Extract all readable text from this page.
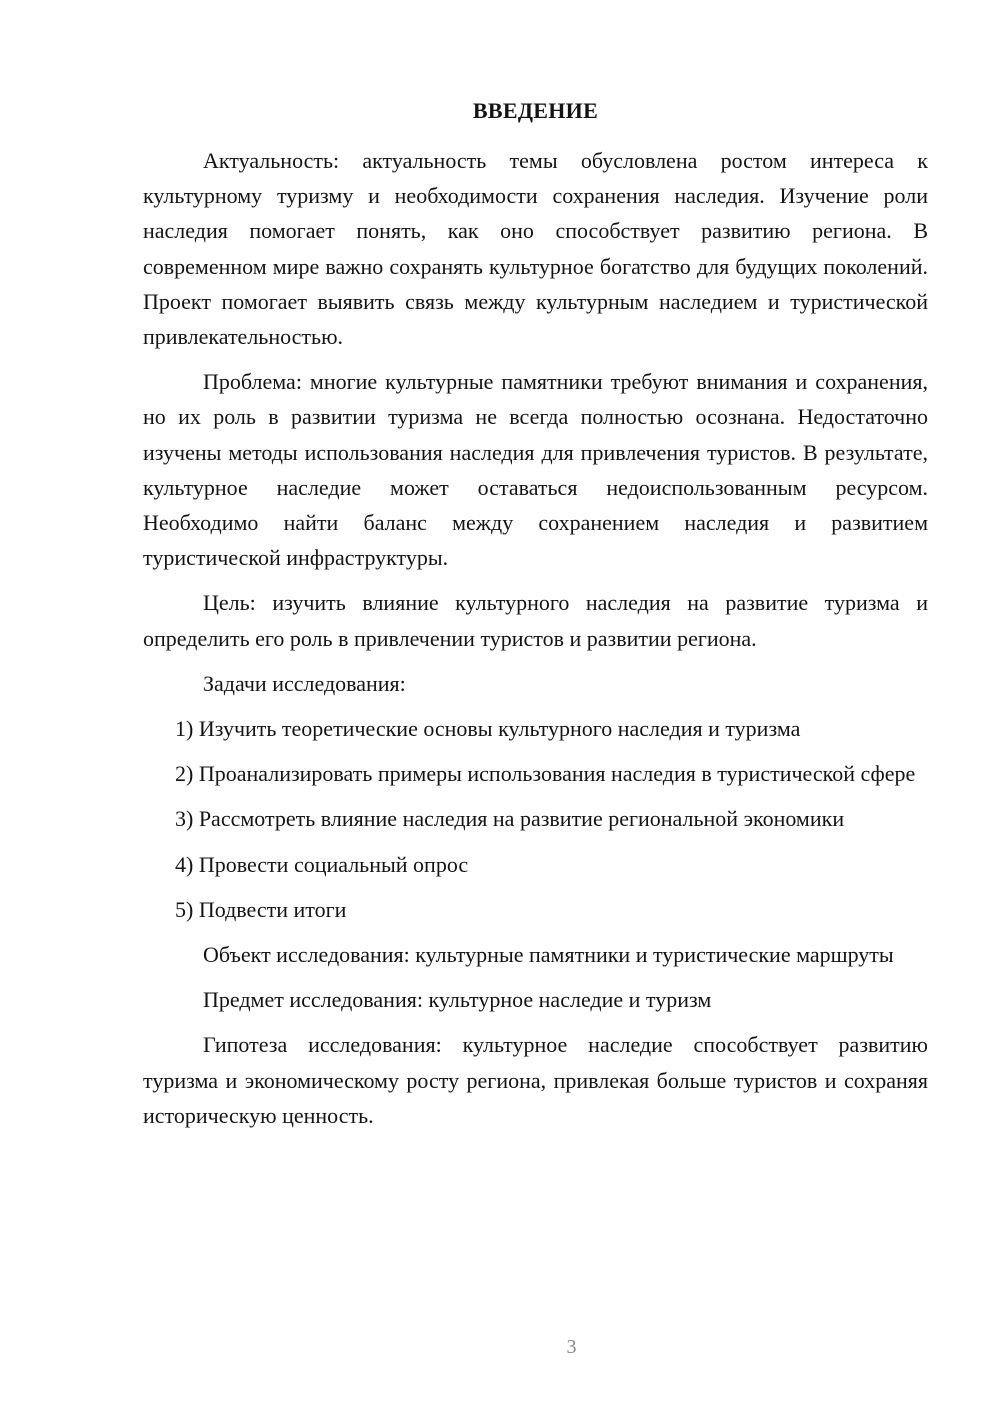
ВВЕДЕНИЕ

Актуальность: актуальность темы обусловлена ростом интереса к культурному туризму и необходимости сохранения наследия. Изучение роли наследия помогает понять, как оно способствует развитию региона. В современном мире важно сохранять культурное богатство для будущих поколений. Проект помогает выявить связь между культурным наследием и туристической привлекательностью.

Проблема: многие культурные памятники требуют внимания и сохранения, но их роль в развитии туризма не всегда полностью осознана. Недостаточно изучены методы использования наследия для привлечения туристов. В результате, культурное наследие может оставаться недоиспользованным ресурсом. Необходимо найти баланс между сохранением наследия и развитием туристической инфраструктуры.

Цель: изучить влияние культурного наследия на развитие туризма и определить его роль в привлечении туристов и развитии региона.

Задачи исследования:

1) Изучить теоретические основы культурного наследия и туризма

2) Проанализировать примеры использования наследия в туристической сфере

3) Рассмотреть влияние наследия на развитие региональной экономики

4) Провести социальный опрос

5) Подвести итоги

Объект исследования: культурные памятники и туристические маршруты

Предмет исследования: культурное наследие и туризм

Гипотеза исследования: культурное наследие способствует развитию туризма и экономическому росту региона, привлекая больше туристов и сохраняя историческую ценность.

3
